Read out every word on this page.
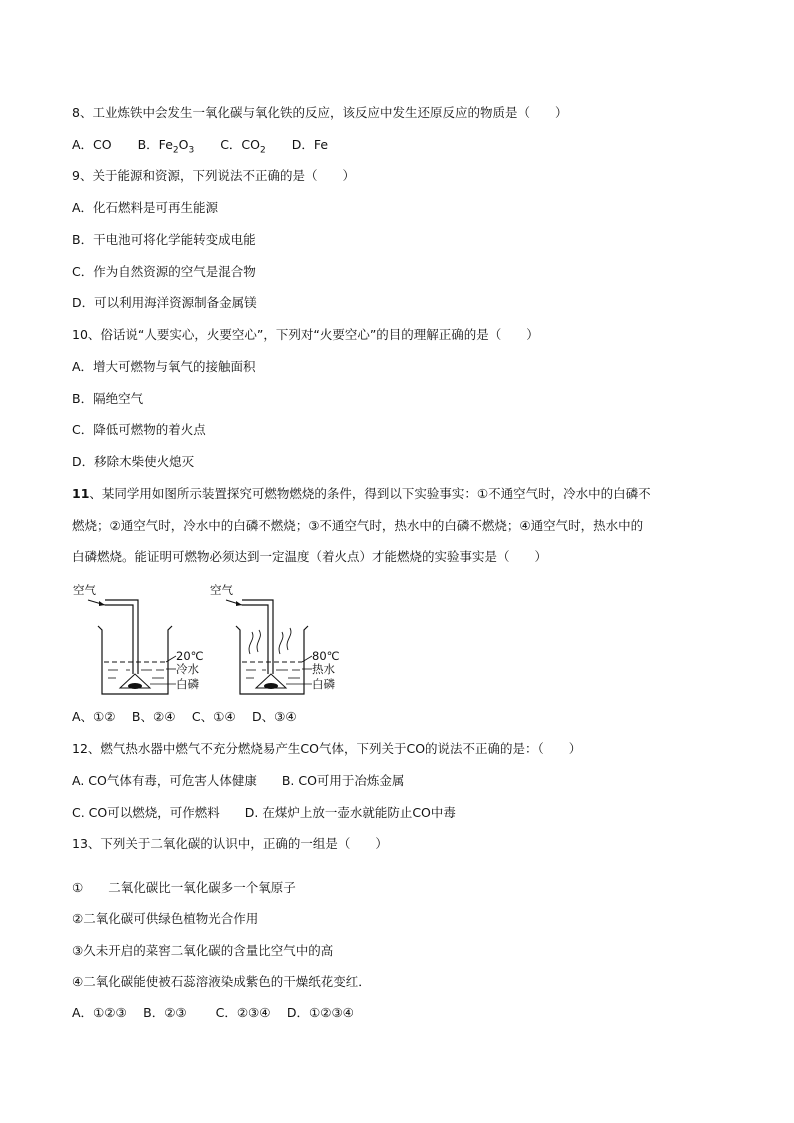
8、工业炼铁中会发生一氧化碳与氧化铁的反应，该反应中发生还原反应的物质是（　　）
A．CO B．$Fe_2O_3$ C．$CO_2$ D．Fe
9、关于能源和资源，下列说法不正确的是（　　）
A．化石燃料是可再生能源
B．干电池可将化学能转变成电能
C．作为自然资源的空气是混合物
D．可以利用海洋资源制备金属镁
10、俗话说“人要实心，火要空心”，下列对“火要空心”的目的理解正确的是（　　）
A．增大可燃物与氧气的接触面积
B．隔绝空气
C．降低可燃物的着火点
D．移除木柴使火熄灭
11、某同学用如图所示装置探究可燃物燃烧的条件，得到以下实验事实：①不通空气时，冷水中的白磷不
燃烧；②通空气时，冷水中的白磷不燃烧；③不通空气时，热水中的白磷不燃烧；④通空气时，热水中的
白磷燃烧。能证明可燃物必须达到一定温度（着火点）才能燃烧的实验事实是（　　）
空气
20℃
冷水
白磷
空气
80℃
热水
白磷
A、①②　 B、②④　 C、①④　 D、③④
12、燃气热水器中燃气不充分燃烧易产生CO气体，下列关于CO的说法不正确的是：（　　）
A. CO气体有毒，可危害人体健康　　B. CO可用于冶炼金属
C. CO可以燃烧，可作燃料　　D. 在煤炉上放一壶水就能防止CO中毒
13、下列关于二氧化碳的认识中，正确的一组是（　　）
①　　二氧化碳比一氧化碳多一个氧原子
②二氧化碳可供绿色植物光合作用
③久未开启的菜窖二氧化碳的含量比空气中的高
④二氧化碳能使被石蕊溶液染成紫色的干燥纸花变红．
A．①②③　 B．②③　　 C．②③④　 D．①②③④
